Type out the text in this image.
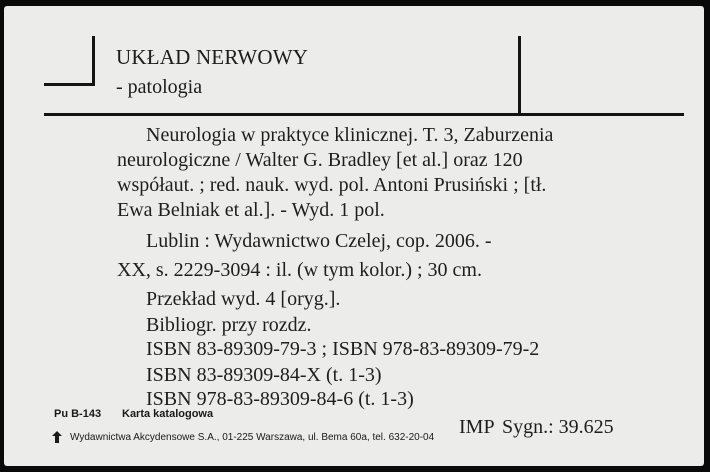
UKŁAD NERWOWY
- patologia
Neurologia w praktyce klinicznej. T. 3, Zaburzenia
neurologiczne / Walter G. Bradley [et al.] oraz 120
współaut. ; red. nauk. wyd. pol. Antoni Prusiński ; [tł.
Ewa Belniak et al.]. - Wyd. 1 pol.
Lublin : Wydawnictwo Czelej, cop. 2006. -
XX, s. 2229-3094 : il. (w tym kolor.) ; 30 cm.
Przekład wyd. 4 [oryg.].
Bibliogr. przy rozdz.
ISBN 83-89309-79-3 ; ISBN 978-83-89309-79-2
ISBN 83-89309-84-X (t. 1-3)
ISBN 978-83-89309-84-6 (t. 1-3)
Pu B-143 Karta katalogowa
Wydawnictwa Akcydensowe S.A., 01-225 Warszawa, ul. Bema 60a, tel. 632-20-04 IMP Sygn.: 39.625
